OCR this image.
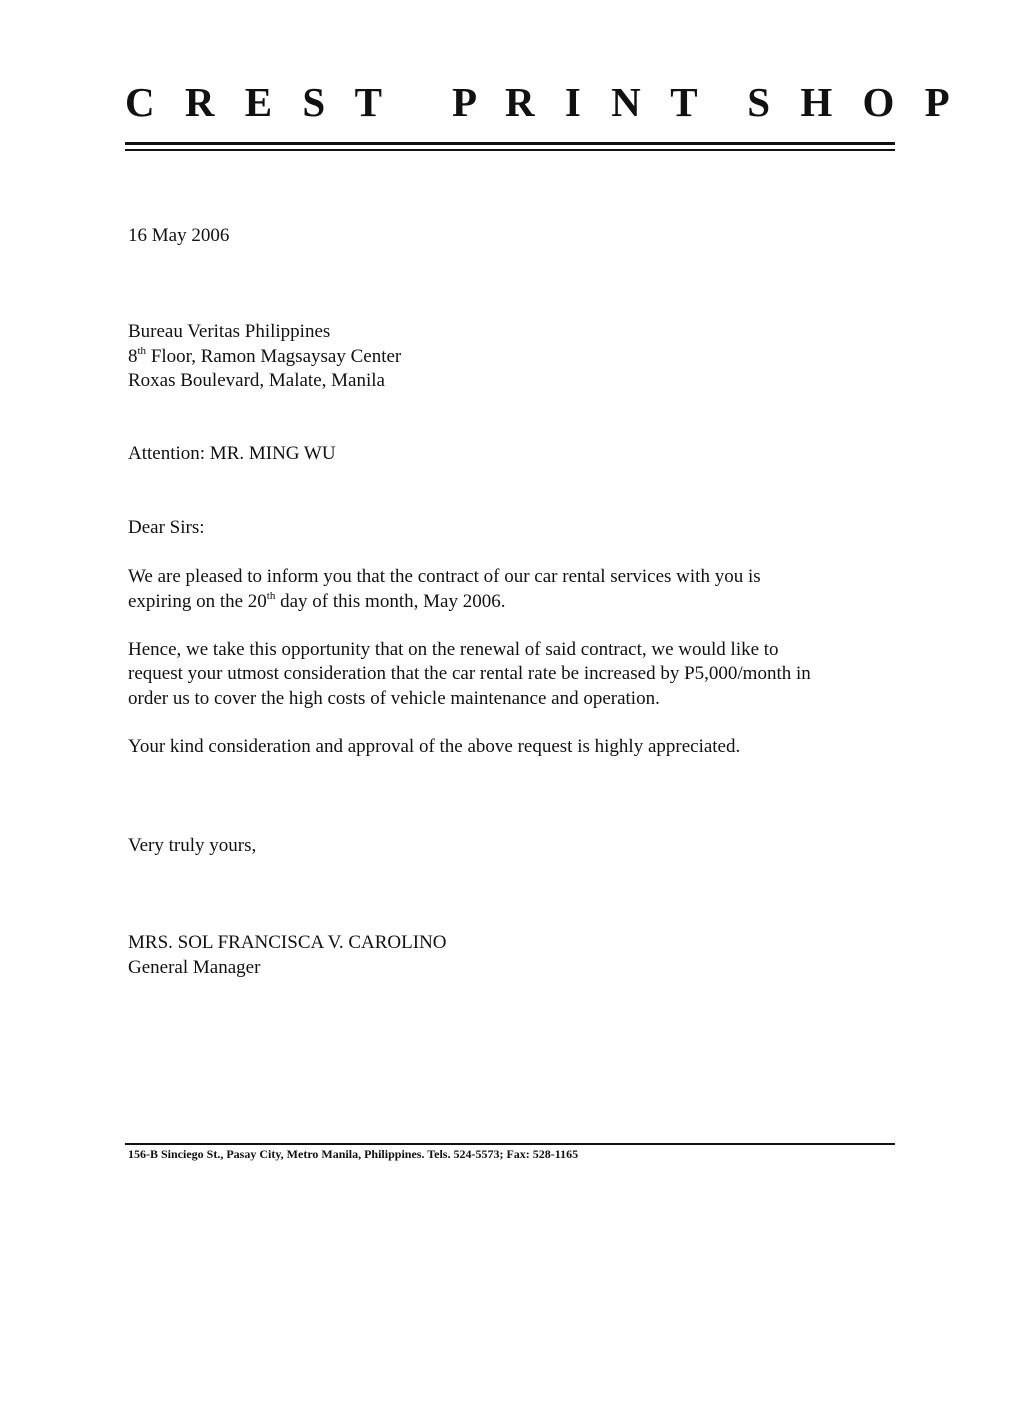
C R E S T   P R I N T  S H O P
16 May 2006
Bureau Veritas Philippines
8th Floor, Ramon Magsaysay Center
Roxas Boulevard, Malate, Manila
Attention: MR. MING WU
Dear Sirs:
We are pleased to inform you that the contract of our car rental services with you is
expiring on the 20th day of this month, May 2006.
Hence, we take this opportunity that on the renewal of said contract, we would like to
request your utmost consideration that the car rental rate be increased by P5,000/month in
order us to cover the high costs of vehicle maintenance and operation.
Your kind consideration and approval of the above request is highly appreciated.
Very truly yours,
MRS. SOL FRANCISCA V. CAROLINO
General Manager
156-B Sinciego St., Pasay City, Metro Manila, Philippines. Tels. 524-5573; Fax: 528-1165
